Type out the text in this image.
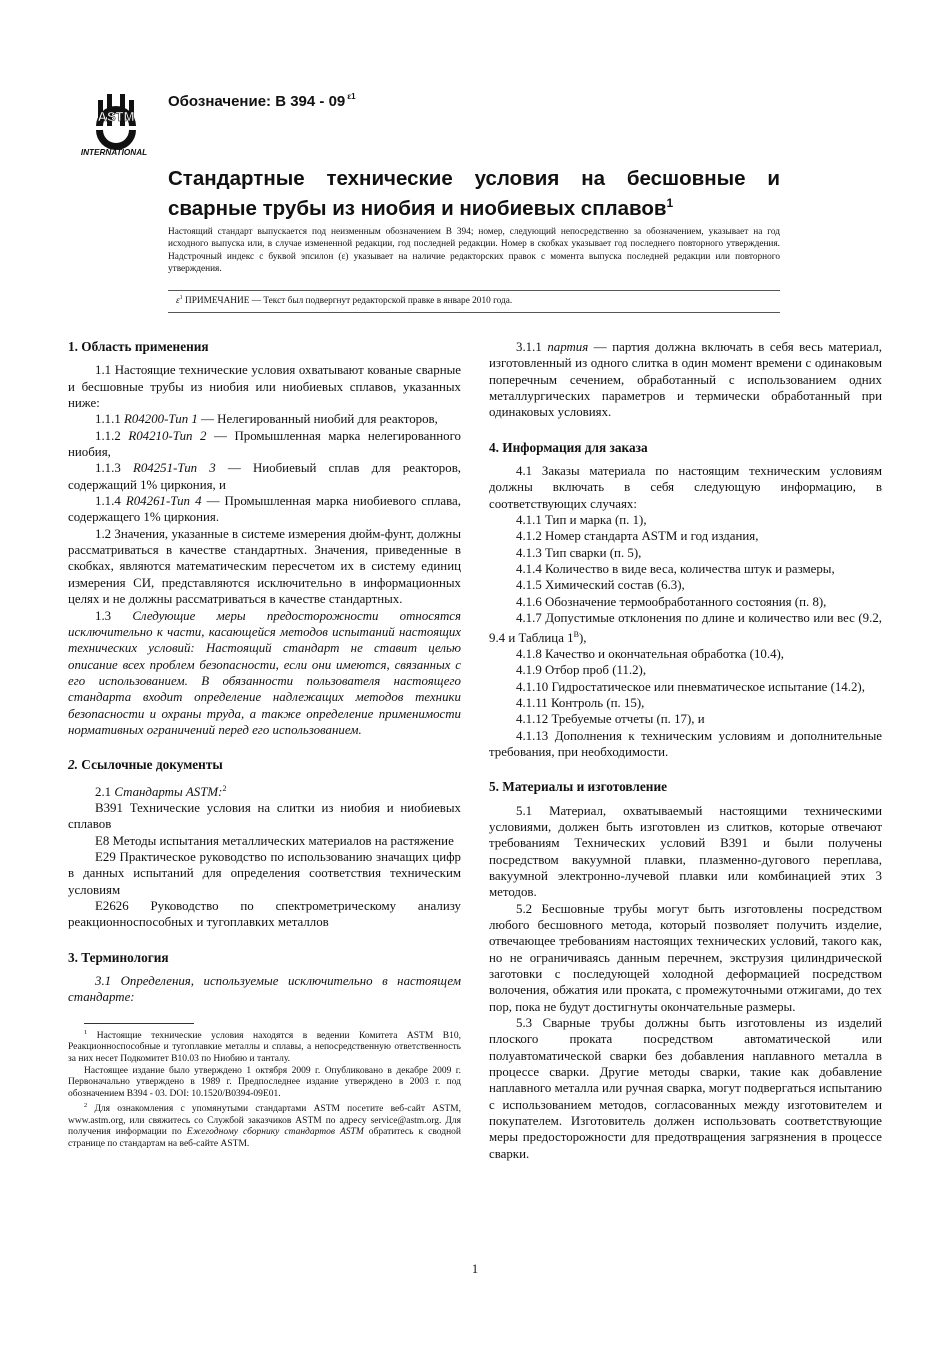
ASTM
INTERNATIONAL
Обозначение: B 394 - 09 $^{\varepsilon 1}$
Стандартные технические условия на бесшовные и сварные трубы из ниобия и ниобиевых сплавов$^1$

Настоящий стандарт выпускается под неизменным обозначением B 394; номер, следующий непосредственно за обозначением, указывает на год исходного выпуска или, в случае измененной редакции, год последней редакции. Номер в скобках указывает год последнего повторного утверждения. Надстрочный индекс с буквой эпсилон (ε) указывает на наличие редакторских правок с момента выпуска последней редакции или повторного утверждения.

$\varepsilon^1$ ПРИМЕЧАНИЕ — Текст был подвергнут редакторской правке в январе 2010 года.

1. Область применения

1.1 Настоящие технические условия охватывают кованые сварные и бесшовные трубы из ниобия или ниобиевых сплавов, указанных ниже:

1.1.1 R04200-Тип 1 — Нелегированный ниобий для реакторов,

1.1.2 R04210-Тип 2 — Промышленная марка нелегированного ниобия,

1.1.3 R04251-Тип 3 — Ниобиевый сплав для реакторов, содержащий 1% циркония, и

1.1.4 R04261-Тип 4 — Промышленная марка ниобиевого сплава, содержащего 1% циркония.

1.2 Значения, указанные в системе измерения дюйм-фунт, должны рассматриваться в качестве стандартных. Значения, приведенные в скобках, являются математическим пересчетом их в систему единиц измерения СИ, представляются исключительно в информационных целях и не должны рассматриваться в качестве стандартных.

1.3 Следующие меры предосторожности относятся исключительно к части, касающейся методов испытаний настоящих технических условий: Настоящий стандарт не ставит целью описание всех проблем безопасности, если они имеются, связанных с его использованием. В обязанности пользователя настоящего стандарта входит определение надлежащих методов техники безопасности и охраны труда, а также определение применимости нормативных ограничений перед его использованием.

2. Ссылочные документы

2.1 Стандарты ASTM:$^2$

B391 Технические условия на слитки из ниобия и ниобиевых сплавов

E8 Методы испытания металлических материалов на растяжение

E29 Практическое руководство по использованию значащих цифр в данных испытаний для определения соответствия техническим условиям

E2626 Руководство по спектрометрическому анализу реакционноспособных и тугоплавких металлов

3. Терминология

3.1 Определения, используемые исключительно в настоящем стандарте:

$^1$ Настоящие технические условия находятся в ведении Комитета ASTM B10, Реакционноспособные и тугоплавкие металлы и сплавы, а непосредственную ответственность за них несет Подкомитет B10.03 по Ниобию и танталу.

Настоящее издание было утверждено 1 октября 2009 г. Опубликовано в декабре 2009 г. Первоначально утверждено в 1989 г. Предпоследнее издание утверждено в 2003 г. под обозначением B394 - 03. DOI: 10.1520/B0394-09E01.

$^2$ Для ознакомления с упомянутыми стандартами ASTM посетите веб-сайт ASTM, www.astm.org, или свяжитесь со Службой заказчиков ASTM по адресу service@astm.org. Для получения информации по Ежегодному сборнику стандартов ASTM обратитесь к сводной странице по стандартам на веб-сайте ASTM.

3.1.1 партия — партия должна включать в себя весь материал, изготовленный из одного слитка в один момент времени с одинаковым поперечным сечением, обработанный с использованием одних металлургических параметров и термически обработанный при одинаковых условиях.

4. Информация для заказа

4.1 Заказы материала по настоящим техническим условиям должны включать в себя следующую информацию, в соответствующих случаях:

4.1.1 Тип и марка (п. 1),

4.1.2 Номер стандарта ASTM и год издания,

4.1.3 Тип сварки (п. 5),

4.1.4 Количество в виде веса, количества штук и размеры,

4.1.5 Химический состав (6.3),

4.1.6 Обозначение термообработанного состояния (п. 8),

4.1.7 Допустимые отклонения по длине и количество или вес (9.2, 9.4 и Таблица $1^В$),

4.1.8 Качество и окончательная обработка (10.4),

4.1.9 Отбор проб (11.2),

4.1.10 Гидростатическое или пневматическое испытание (14.2),

4.1.11 Контроль (п. 15),

4.1.12 Требуемые отчеты (п. 17), и

4.1.13 Дополнения к техническим условиям и дополнительные требования, при необходимости.

5. Материалы и изготовление

5.1 Материал, охватываемый настоящими техническими условиями, должен быть изготовлен из слитков, которые отвечают требованиям Технических условий B391 и были получены посредством вакуумной плавки, плазменно-дугового переплава, вакуумной электронно-лучевой плавки или комбинацией этих 3 методов.

5.2 Бесшовные трубы могут быть изготовлены посредством любого бесшовного метода, который позволяет получить изделие, отвечающее требованиям настоящих технических условий, такого как, но не ограничиваясь данным перечнем, экструзия цилиндрической заготовки с последующей холодной деформацией посредством волочения, обжатия или проката, с промежуточными отжигами, до тех пор, пока не будут достигнуты окончательные размеры.

5.3 Сварные трубы должны быть изготовлены из изделий плоского проката посредством автоматической или полуавтоматической сварки без добавления наплавного металла в процессе сварки. Другие методы сварки, такие как добавление наплавного металла или ручная сварка, могут подвергаться испытанию с использованием методов, согласованных между изготовителем и покупателем. Изготовитель должен использовать соответствующие меры предосторожности для предотвращения загрязнения в процессе сварки.

1
